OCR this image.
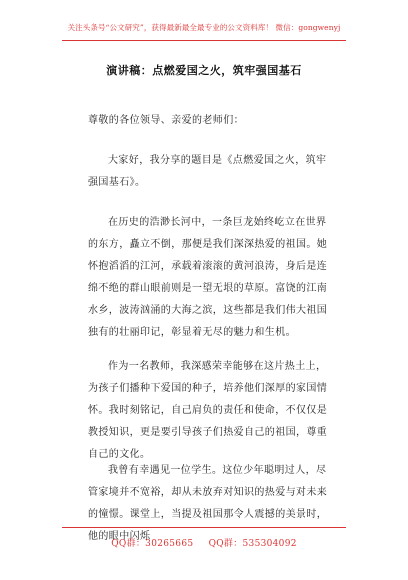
关注头条号“公文研究”，获得最新最全最专业的公文资料库！ 微信：gongwenyj
演讲稿：点燃爱国之火，筑牢强国基石
尊敬的各位领导、亲爱的老师们：
大家好，我分享的题目是《点燃爱国之火，筑牢强国基石》。
在历史的浩渺长河中，一条巨龙始终屹立在世界的东方，矗立不倒，那便是我们深深热爱的祖国。她怀抱滔滔的江河，承载着滚滚的黄河浪涛，身后是连绵不绝的群山眼前则是一望无垠的草原。富饶的江南水乡，波涛汹涌的大海之滨，这些都是我们伟大祖国独有的壮丽印记，彰显着无尽的魅力和生机。
作为一名教师，我深感荣幸能够在这片热土上，为孩子们播种下爱国的种子，培养他们深厚的家国情怀。我时刻铭记，自己肩负的责任和使命，不仅仅是教授知识，更是要引导孩子们热爱自己的祖国，尊重自己的文化。
我曾有幸遇见一位学生。这位少年聪明过人，尽管家境并不宽裕，却从未放弃对知识的热爱与对未来的憧憬。课堂上，当提及祖国那令人震撼的美景时，他的眼中闪烁
QQ群：30265665 QQ群：535304092
